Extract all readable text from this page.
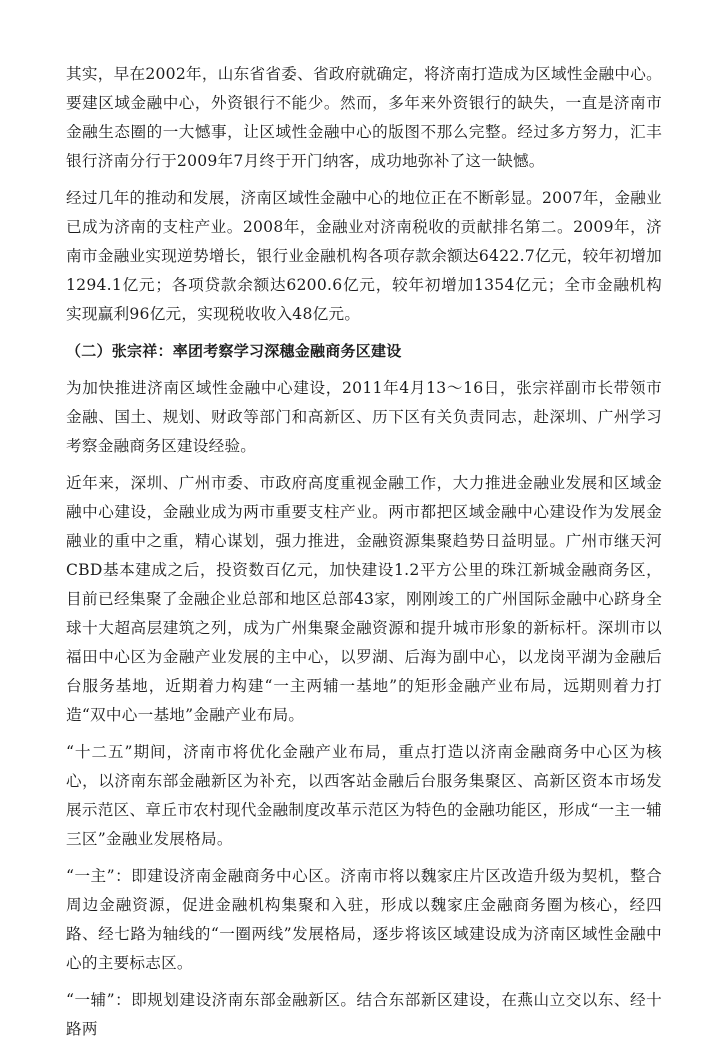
其实，早在2002年，山东省省委、省政府就确定，将济南打造成为区域性金融中心。要建区域金融中心，外资银行不能少。然而，多年来外资银行的缺失，一直是济南市金融生态圈的一大憾事，让区域性金融中心的版图不那么完整。经过多方努力，汇丰银行济南分行于2009年7月终于开门纳客，成功地弥补了这一缺憾。

经过几年的推动和发展，济南区域性金融中心的地位正在不断彰显。2007年，金融业已成为济南的支柱产业。2008年，金融业对济南税收的贡献排名第二。2009年，济南市金融业实现逆势增长，银行业金融机构各项存款余额达6422.7亿元，较年初增加1294.1亿元；各项贷款余额达6200.6亿元，较年初增加1354亿元；全市金融机构实现赢利96亿元，实现税收收入48亿元。

（二）张宗祥：率团考察学习深穗金融商务区建设

为加快推进济南区域性金融中心建设，2011年4月13～16日，张宗祥副市长带领市金融、国土、规划、财政等部门和高新区、历下区有关负责同志，赴深圳、广州学习考察金融商务区建设经验。

近年来，深圳、广州市委、市政府高度重视金融工作，大力推进金融业发展和区域金融中心建设，金融业成为两市重要支柱产业。两市都把区域金融中心建设作为发展金融业的重中之重，精心谋划，强力推进，金融资源集聚趋势日益明显。广州市继天河CBD基本建成之后，投资数百亿元，加快建设1.2平方公里的珠江新城金融商务区，目前已经集聚了金融企业总部和地区总部43家，刚刚竣工的广州国际金融中心跻身全球十大超高层建筑之列，成为广州集聚金融资源和提升城市形象的新标杆。深圳市以福田中心区为金融产业发展的主中心，以罗湖、后海为副中心，以龙岗平湖为金融后台服务基地，近期着力构建“一主两辅一基地”的矩形金融产业布局，远期则着力打造“双中心一基地”金融产业布局。

“十二五”期间，济南市将优化金融产业布局，重点打造以济南金融商务中心区为核心，以济南东部金融新区为补充，以西客站金融后台服务集聚区、高新区资本市场发展示范区、章丘市农村现代金融制度改革示范区为特色的金融功能区，形成“一主一辅三区”金融业发展格局。

“一主”：即建设济南金融商务中心区。济南市将以魏家庄片区改造升级为契机，整合周边金融资源，促进金融机构集聚和入驻，形成以魏家庄金融商务圈为核心，经四路、经七路为轴线的“一圈两线”发展格局，逐步将该区域建设成为济南区域性金融中心的主要标志区。

“一辅”：即规划建设济南东部金融新区。结合东部新区建设，在燕山立交以东、经十路两
